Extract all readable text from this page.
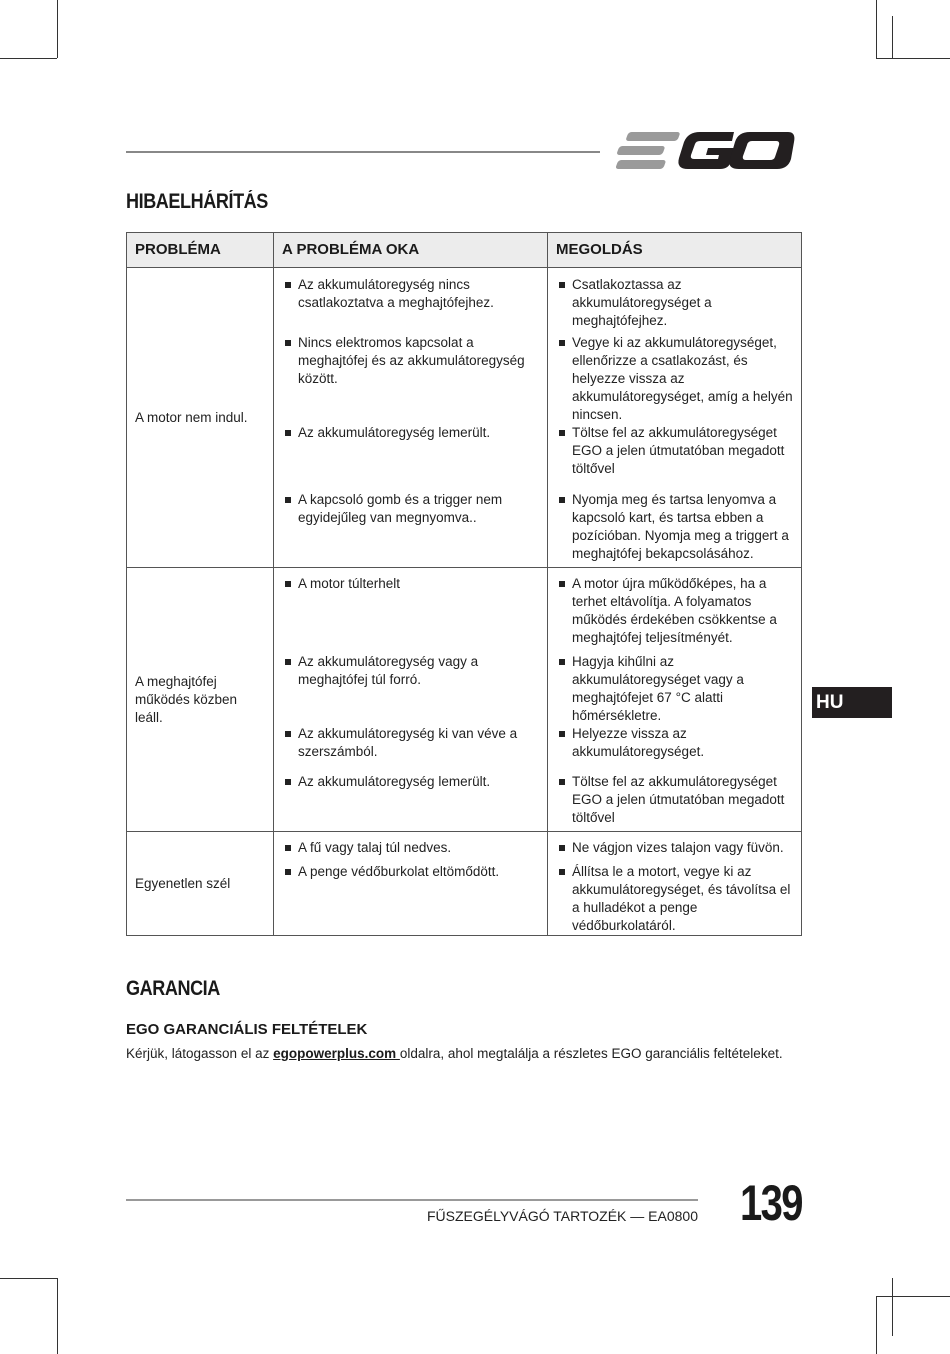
HIBAELHÁRÍTÁS
PROBLÉMA	A PROBLÉMA OKA	MEGOLDÁS
A motor nem indul.	Az akkumulátoregység nincs csatlakoztatva a meghajtófejhez.	Csatlakoztassa az akkumulátoregységet a meghajtófejhez.

	Nincs elektromos kapcsolat a meghajtófej és az akkumulátoregység között.	Vegye ki az akkumulátoregységet, ellenőrizze a csatlakozást, és helyezze vissza az akkumulátoregységet, amíg a helyén nincsen.

	Az akkumulátoregység lemerült.	Töltse fel az akkumulátoregységet EGO a jelen útmutatóban megadott töltővel

	A kapcsoló gomb és a trigger nem egyidejűleg van megnyomva..	Nyomja meg és tartsa lenyomva a kapcsoló kart, és tartsa ebben a pozícióban. Nyomja meg a triggert a meghajtófej bekapcsolásához.

A meghajtófej működés közben leáll.	A motor túlterhelt	A motor újra működőképes, ha a terhet eltávolítja. A folyamatos működés érdekében csökkentse a meghajtófej teljesítményét.

	Az akkumulátoregység vagy a meghajtófej túl forró.	Hagyja kihűlni az akkumulátoregységet vagy a meghajtófejet 67 °C alatti hőmérsékletre.

	Az akkumulátoregység ki van véve a szerszámból.	Helyezze vissza az akkumulátoregységet.

	Az akkumulátoregység lemerült.	Töltse fel az akkumulátoregységet EGO a jelen útmutatóban megadott töltővel

Egyenetlen szél	A fű vagy talaj túl nedves.	Ne vágjon vizes talajon vagy füvön.

	A penge védőburkolat eltömődött.	Állítsa le a motort, vegye ki az akkumulátoregységet, és távolítsa el a hulladékot a penge védőburkolatáról.
GARANCIA
EGO GARANCIÁLIS FELTÉTELEK
Kérjük, látogasson el az egopowerplus.com oldalra, ahol megtalálja a részletes EGO garanciális feltételeket.
HU
FŰSZEGÉLYVÁGÓ TARTOZÉK — EA0800 139
